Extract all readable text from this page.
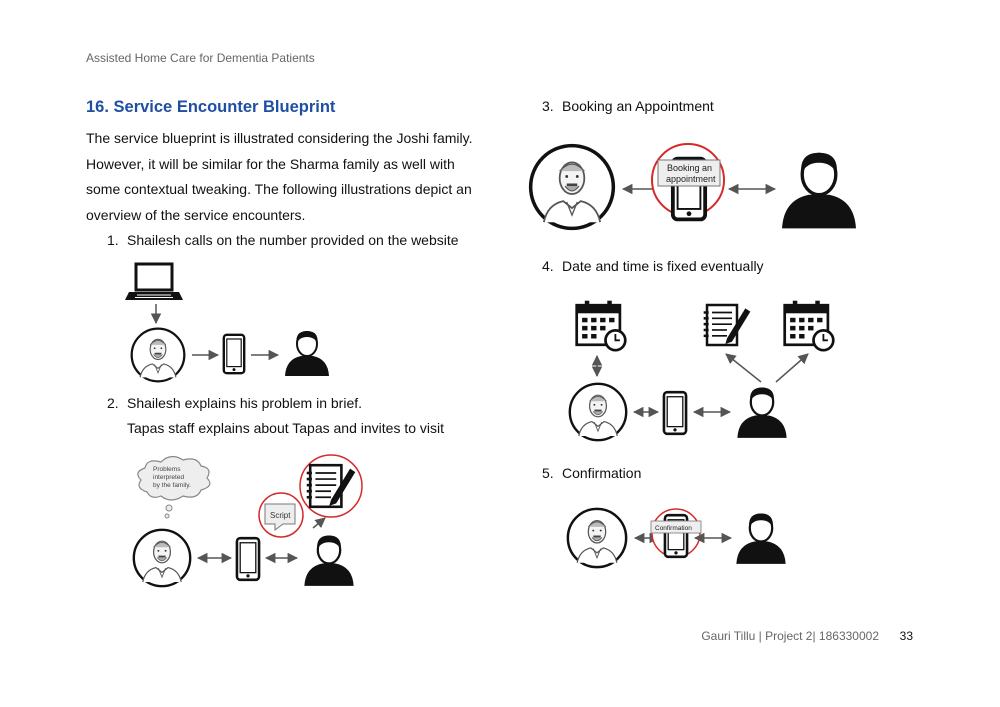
Assisted Home Care for Dementia Patients
16. Service Encounter Blueprint

The service blueprint is illustrated considering the Joshi family.

However, it will be similar for the Sharma family as well with

some contextual tweaking. The following illustrations depict an

overview of the service encounters.

1. Shailesh calls on the number provided on the website
2. Shailesh explains his problem in brief.
Tapas staff explains about Tapas and invites to visit
Problems
interpreted
by the family.
Script
3. Booking an Appointment
Booking an
appointment
4. Date and time is fixed eventually
5. Confirmation
Confirmation
Gauri Tillu | Project 2| 186330002 33
